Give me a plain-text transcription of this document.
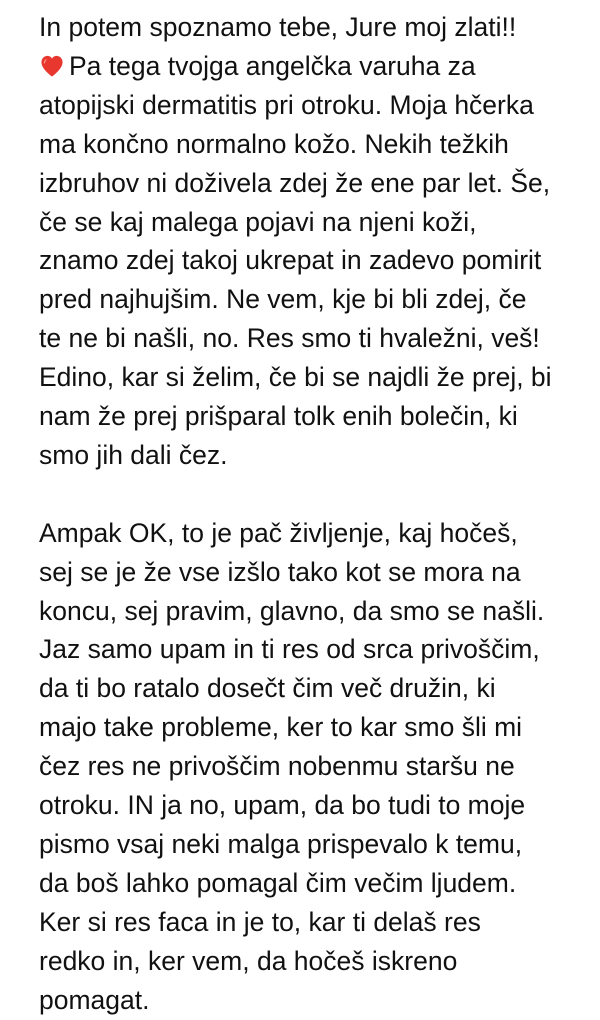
In potem spoznamo tebe, Jure moj zlati!!
Pa tega tvojga angelčka varuha za
atopijski dermatitis pri otroku. Moja hčerka
ma končno normalno kožo. Nekih težkih
izbruhov ni doživela zdej že ene par let. Še,
če se kaj malega pojavi na njeni koži,
znamo zdej takoj ukrepat in zadevo pomirit
pred najhujšim. Ne vem, kje bi bli zdej, če
te ne bi našli, no. Res smo ti hvaležni, veš!
Edino, kar si želim, če bi se najdli že prej, bi
nam že prej prišparal tolk enih bolečin, ki
smo jih dali čez.

Ampak OK, to je pač življenje, kaj hočeš,
sej se je že vse izšlo tako kot se mora na
koncu, sej pravim, glavno, da smo se našli.
Jaz samo upam in ti res od srca privoščim,
da ti bo ratalo dosečt čim več družin, ki
majo take probleme, ker to kar smo šli mi
čez res ne privoščim nobenmu staršu ne
otroku. IN ja no, upam, da bo tudi to moje
pismo vsaj neki malga prispevalo k temu,
da boš lahko pomagal čim večim ljudem.
Ker si res faca in je to, kar ti delaš res
redko in, ker vem, da hočeš iskreno
pomagat.
